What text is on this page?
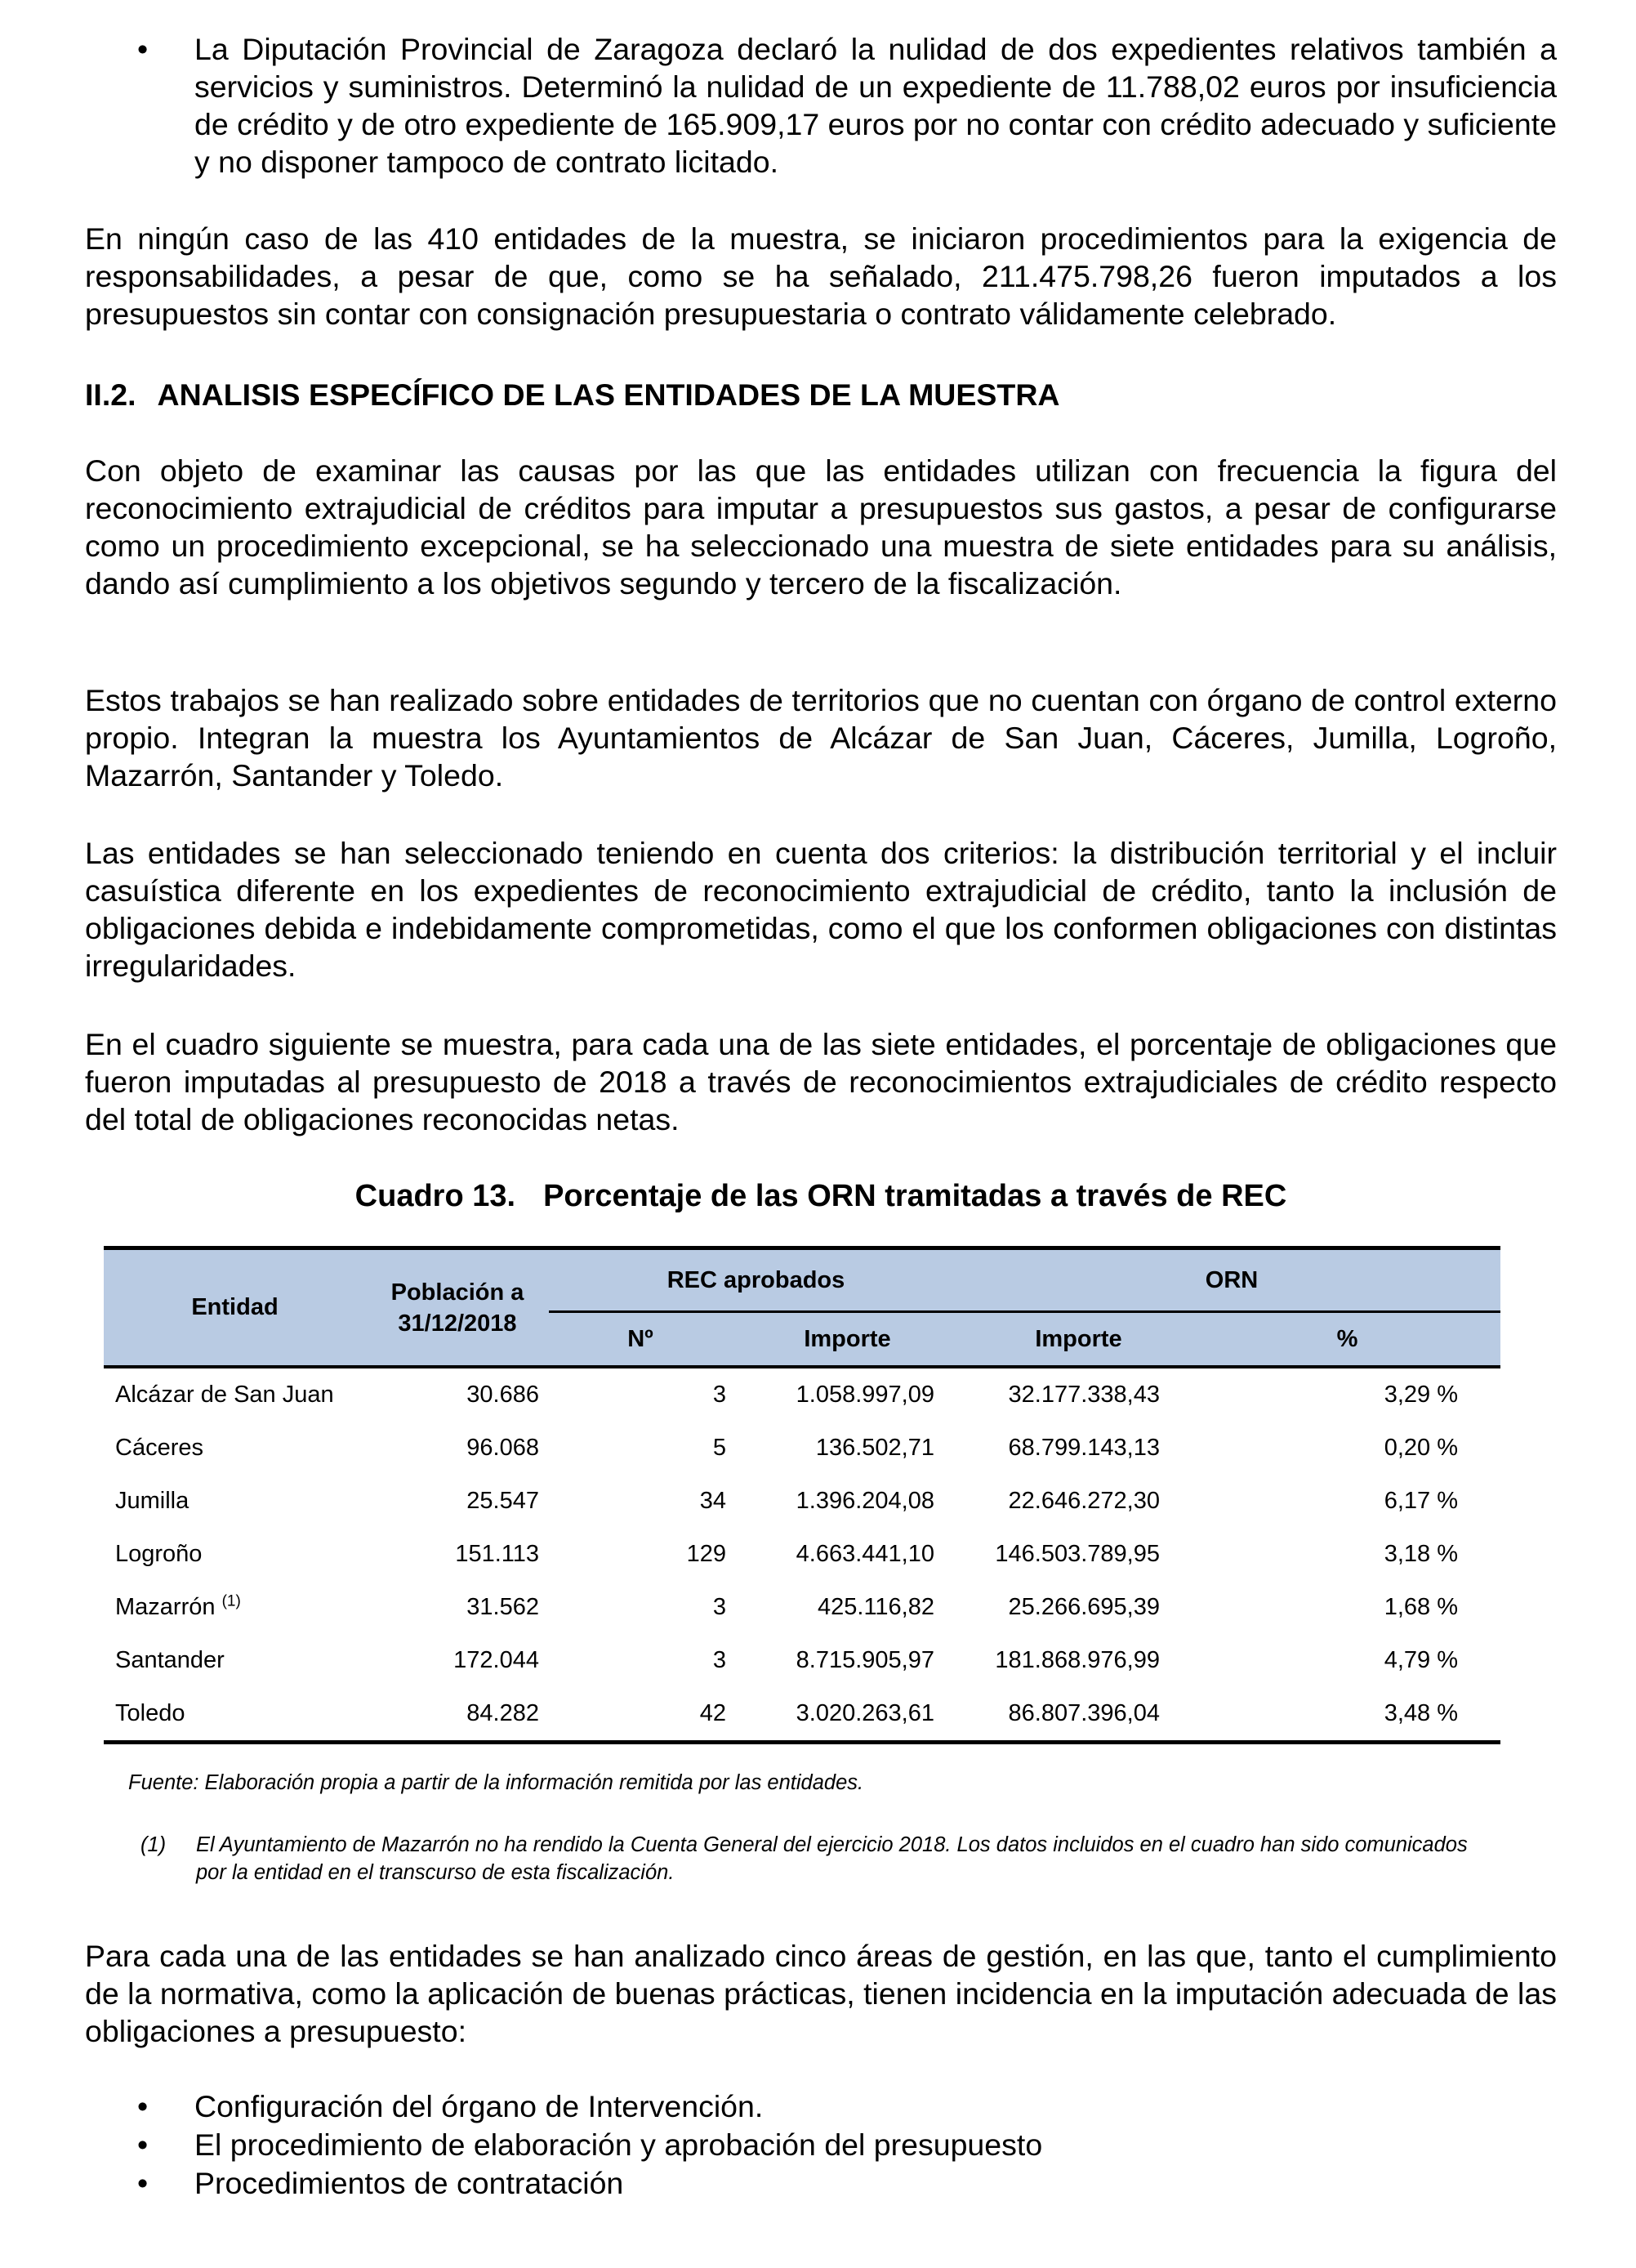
• La Diputación Provincial de Zaragoza declaró la nulidad de dos expedientes relativos también a servicios y suministros. Determinó la nulidad de un expediente de 11.788,02 euros por insuficiencia de crédito y de otro expediente de 165.909,17 euros por no contar con crédito adecuado y suficiente y no disponer tampoco de contrato licitado.

En ningún caso de las 410 entidades de la muestra, se iniciaron procedimientos para la exigencia de responsabilidades, a pesar de que, como se ha señalado, 211.475.798,26 fueron imputados a los presupuestos sin contar con consignación presupuestaria o contrato válidamente celebrado.

II.2. ANALISIS ESPECÍFICO DE LAS ENTIDADES DE LA MUESTRA

Con objeto de examinar las causas por las que las entidades utilizan con frecuencia la figura del reconocimiento extrajudicial de créditos para imputar a presupuestos sus gastos, a pesar de configurarse como un procedimiento excepcional, se ha seleccionado una muestra de siete entidades para su análisis, dando así cumplimiento a los objetivos segundo y tercero de la fiscalización.

Estos trabajos se han realizado sobre entidades de territorios que no cuentan con órgano de control externo propio. Integran la muestra los Ayuntamientos de Alcázar de San Juan, Cáceres, Jumilla, Logroño, Mazarrón, Santander y Toledo.

Las entidades se han seleccionado teniendo en cuenta dos criterios: la distribución territorial y el incluir casuística diferente en los expedientes de reconocimiento extrajudicial de crédito, tanto la inclusión de obligaciones debida e indebidamente comprometidas, como el que los conformen obligaciones con distintas irregularidades.

En el cuadro siguiente se muestra, para cada una de las siete entidades, el porcentaje de obligaciones que fueron imputadas al presupuesto de 2018 a través de reconocimientos extrajudiciales de crédito respecto del total de obligaciones reconocidas netas.

Cuadro 13. Porcentaje de las ORN tramitadas a través de REC
Entidad	Población a 31/12/2018	REC aprobados		ORN	
		Nº	Importe	Importe	%
Alcázar de San Juan	30.686	3	1.058.997,09	32.177.338,43	3,29 %
Cáceres	96.068	5	136.502,71	68.799.143,13	0,20 %
Jumilla	25.547	34	1.396.204,08	22.646.272,30	6,17 %
Logroño	151.113	129	4.663.441,10	146.503.789,95	3,18 %
Mazarrón $^{(1)}$	31.562	3	425.116,82	25.266.695,39	1,68 %
Santander	172.044	3	8.715.905,97	181.868.976,99	4,79 %
Toledo	84.282	42	3.020.263,61	86.807.396,04	3,48 %
Fuente: Elaboración propia a partir de la información remitida por las entidades.
(1)	El Ayuntamiento de Mazarrón no ha rendido la Cuenta General del ejercicio 2018. Los datos incluidos en el cuadro han sido comunicados por la entidad en el transcurso de esta fiscalización.

Para cada una de las entidades se han analizado cinco áreas de gestión, en las que, tanto el cumplimiento de la normativa, como la aplicación de buenas prácticas, tienen incidencia en la imputación adecuada de las obligaciones a presupuesto:

• Configuración del órgano de Intervención.
• El procedimiento de elaboración y aprobación del presupuesto
• Procedimientos de contratación
